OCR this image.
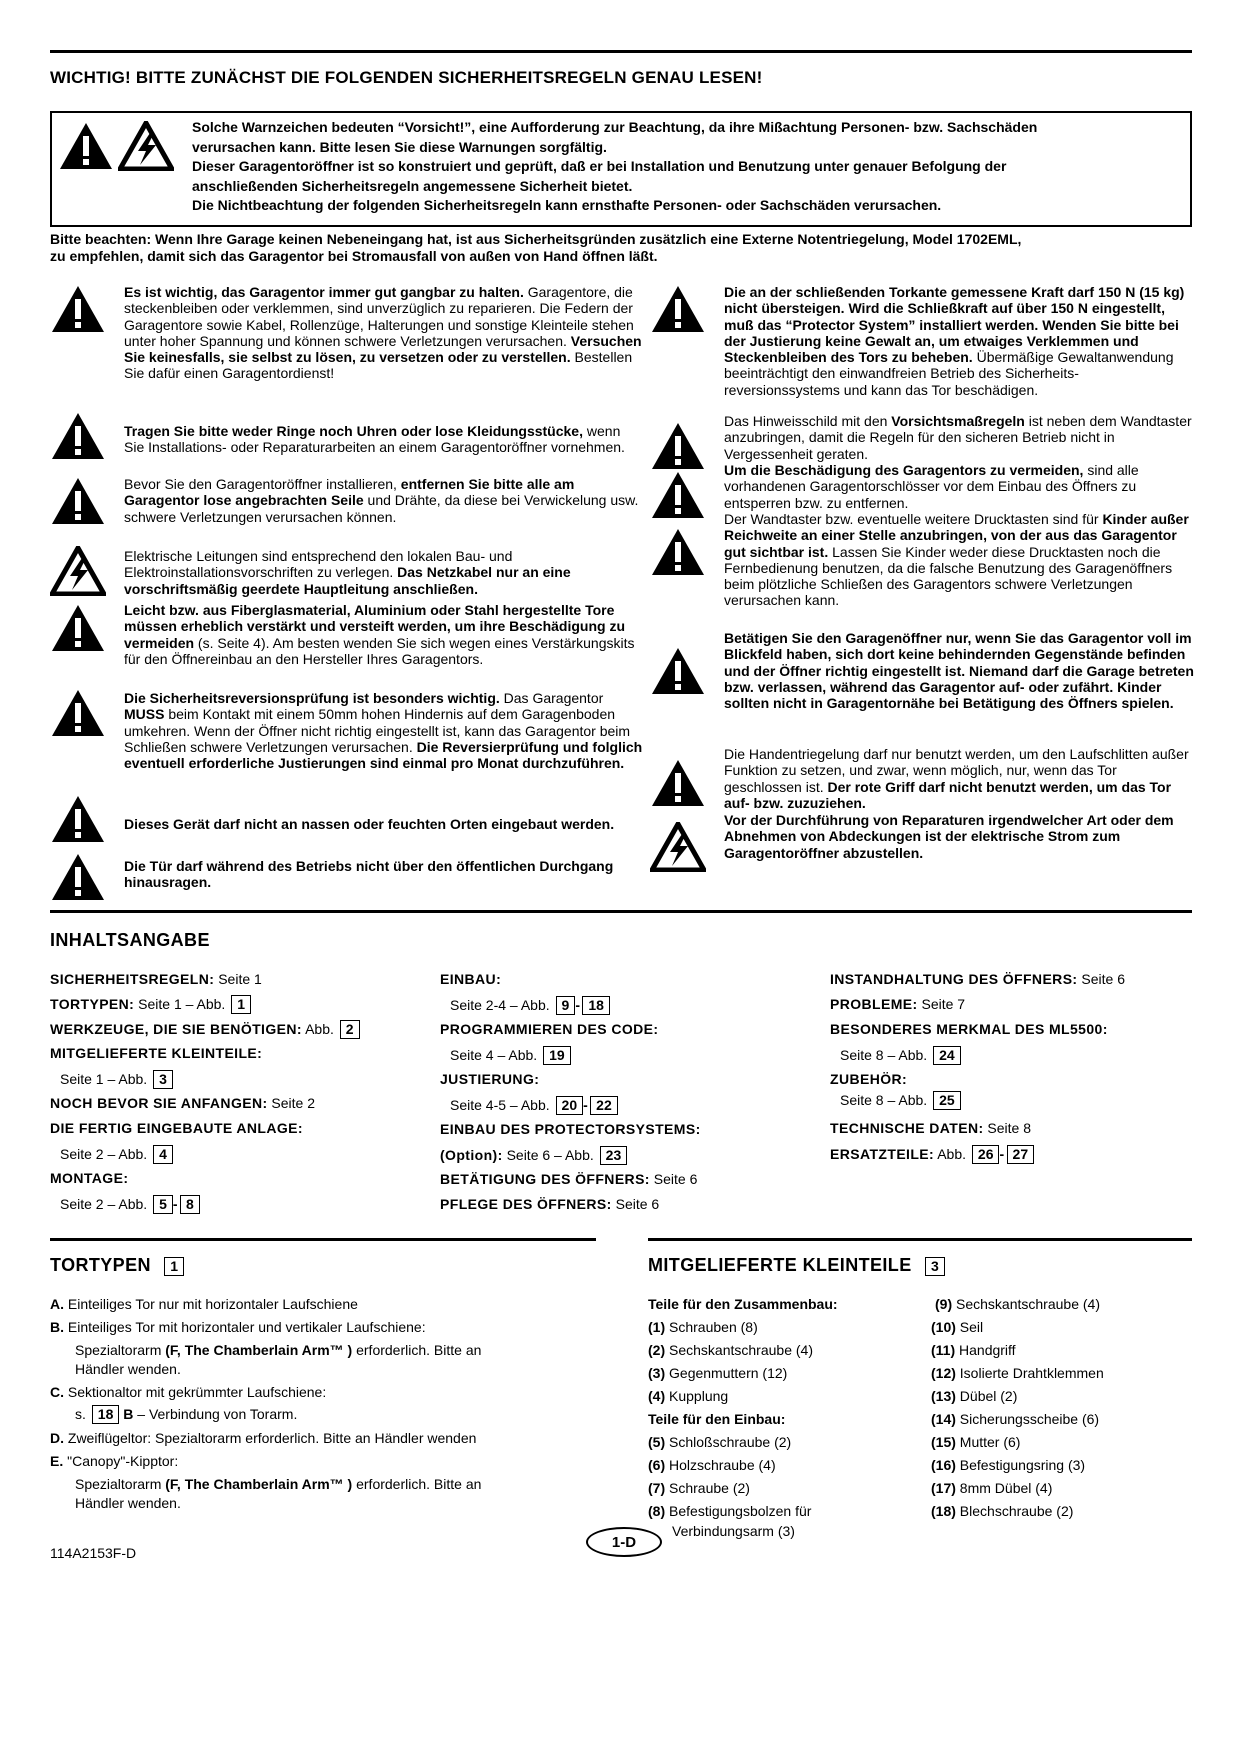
WICHTIG! BITTE ZUNÄCHST DIE FOLGENDEN SICHERHEITSREGELN GENAU LESEN!
Solche Warnzeichen bedeuten “Vorsicht!”, eine Aufforderung zur Beachtung, da ihre Mißachtung Personen- bzw. Sachschäden
verursachen kann. Bitte lesen Sie diese Warnungen sorgfältig.
Dieser Garagentoröffner ist so konstruiert und geprüft, daß er bei Installation und Benutzung unter genauer Befolgung der
anschließenden Sicherheitsregeln angemessene Sicherheit bietet.
Die Nichtbeachtung der folgenden Sicherheitsregeln kann ernsthafte Personen- oder Sachschäden verursachen.
Bitte beachten: Wenn Ihre Garage keinen Nebeneingang hat, ist aus Sicherheitsgründen zusätzlich eine Externe Notentriegelung, Model 1702EML,
zu empfehlen, damit sich das Garagentor bei Stromausfall von außen von Hand öffnen läßt.
Es ist wichtig, das Garagentor immer gut gangbar zu halten. Garagentore, die steckenbleiben oder verklemmen, sind unverzüglich zu reparieren. Die Federn der Garagentore sowie Kabel, Rollenzüge, Halterungen und sonstige Kleinteile stehen unter hoher Spannung und können schwere Verletzungen verursachen. Versuchen Sie keinesfalls, sie selbst zu lösen, zu versetzen oder zu verstellen. Bestellen Sie dafür einen Garagentordienst!
Tragen Sie bitte weder Ringe noch Uhren oder lose Kleidungsstücke, wenn Sie Installations- oder Reparaturarbeiten an einem Garagentoröffner vornehmen.
Bevor Sie den Garagentoröffner installieren, entfernen Sie bitte alle am Garagentor lose angebrachten Seile und Drähte, da diese bei Verwickelung usw. schwere Verletzungen verursachen können.
Elektrische Leitungen sind entsprechend den lokalen Bau- und Elektroinstallationsvorschriften zu verlegen. Das Netzkabel nur an eine vorschriftsmäßig geerdete Hauptleitung anschließen.
Leicht bzw. aus Fiberglasmaterial, Aluminium oder Stahl hergestellte Tore müssen erheblich verstärkt und versteift werden, um ihre Beschädigung zu vermeiden (s. Seite 4). Am besten wenden Sie sich wegen eines Verstärkungskits für den Öffnereinbau an den Hersteller Ihres Garagentors.
Die Sicherheitsreversionsprüfung ist besonders wichtig. Das Garagentor MUSS beim Kontakt mit einem 50mm hohen Hindernis auf dem Garagenboden umkehren. Wenn der Öffner nicht richtig eingestellt ist, kann das Garagentor beim Schließen schwere Verletzungen verursachen. Die Reversierprüfung und folglich eventuell erforderliche Justierungen sind einmal pro Monat durchzuführen.
Dieses Gerät darf nicht an nassen oder feuchten Orten eingebaut werden.
Die Tür darf während des Betriebs nicht über den öffentlichen Durchgang hinausragen.
Die an der schließenden Torkante gemessene Kraft darf 150 N (15 kg) nicht übersteigen. Wird die Schließkraft auf über 150 N eingestellt, muß das “Protector System” installiert werden. Wenden Sie bitte bei der Justierung keine Gewalt an, um etwaiges Verklemmen und Steckenbleiben des Tors zu beheben. Übermäßige Gewaltanwendung beeinträchtigt den einwandfreien Betrieb des Sicherheits-reversionssystems und kann das Tor beschädigen.
Das Hinweisschild mit den Vorsichtsmaßregeln ist neben dem Wandtaster anzubringen, damit die Regeln für den sicheren Betrieb nicht in Vergessenheit geraten.
Um die Beschädigung des Garagentors zu vermeiden, sind alle vorhandenen Garagentorschlösser vor dem Einbau des Öffners zu entsperren bzw. zu entfernen.
Der Wandtaster bzw. eventuelle weitere Drucktasten sind für Kinder außer Reichweite an einer Stelle anzubringen, von der aus das Garagentor gut sichtbar ist. Lassen Sie Kinder weder diese Drucktasten noch die Fernbedienung benutzen, da die falsche Benutzung des Garagenöffners beim plötzliche Schließen des Garagentors schwere Verletzungen verursachen kann.
Betätigen Sie den Garagenöffner nur, wenn Sie das Garagentor voll im Blickfeld haben, sich dort keine behindernden Gegenstände befinden und der Öffner richtig eingestellt ist. Niemand darf die Garage betreten bzw. verlassen, während das Garagentor auf- oder zufährt. Kinder sollten nicht in Garagentornähe bei Betätigung des Öffners spielen.
Die Handentriegelung darf nur benutzt werden, um den Laufschlitten außer Funktion zu setzen, und zwar, wenn möglich, nur, wenn das Tor geschlossen ist. Der rote Griff darf nicht benutzt werden, um das Tor auf- bzw. zuzuziehen.
Vor der Durchführung von Reparaturen irgendwelcher Art oder dem Abnehmen von Abdeckungen ist der elektrische Strom zum Garagentoröffner abzustellen.
INHALTSANGABE
SICHERHEITSREGELN: Seite 1
TORTYPEN: Seite 1 – Abb. 1
WERKZEUGE, DIE SIE BENÖTIGEN: Abb. 2
MITGELIEFERTE KLEINTEILE:
Seite 1 – Abb. 3
NOCH BEVOR SIE ANFANGEN: Seite 2
DIE FERTIG EINGEBAUTE ANLAGE:
Seite 2 – Abb. 4
MONTAGE:
Seite 2 – Abb. 5 - 8
EINBAU:
Seite 2-4 – Abb. 9 - 18
PROGRAMMIEREN DES CODE:
Seite 4 – Abb. 19
JUSTIERUNG:
Seite 4-5 – Abb. 20 - 22
EINBAU DES PROTECTORSYSTEMS:
(Option): Seite 6 – Abb. 23
BETÄTIGUNG DES ÖFFNERS: Seite 6
PFLEGE DES ÖFFNERS: Seite 6
INSTANDHALTUNG DES ÖFFNERS: Seite 6
PROBLEME: Seite 7
BESONDERES MERKMAL DES ML5500:
Seite 8 – Abb. 24
ZUBEHÖR:
Seite 8 – Abb. 25
TECHNISCHE DATEN: Seite 8
ERSATZTEILE: Abb. 26 - 27
TORTYPEN 1
A. Einteiliges Tor nur mit horizontaler Laufschiene
B. Einteiliges Tor mit horizontaler und vertikaler Laufschiene:
Spezialtorarm (F, The Chamberlain Arm™ ) erforderlich. Bitte an
Händler wenden.
C. Sektionaltor mit gekrümmter Laufschiene:
s. 18 B – Verbindung von Torarm.
D. Zweiflügeltor: Spezialtorarm erforderlich. Bitte an Händler wenden
E. "Canopy"-Kipptor:
Spezialtorarm (F, The Chamberlain Arm™ ) erforderlich. Bitte an
Händler wenden.
MITGELIEFERTE KLEINTEILE 3
Teile für den Zusammenbau:
(1) Schrauben (8)
(2) Sechskantschraube (4)
(3) Gegenmuttern (12)
(4) Kupplung
Teile für den Einbau:
(5) Schloßschraube (2)
(6) Holzschraube (4)
(7) Schraube (2)
(8) Befestigungsbolzen für
Verbindungsarm (3)
(9) Sechskantschraube (4)
(10) Seil
(11) Handgriff
(12) Isolierte Drahtklemmen
(13) Dübel (2)
(14) Sicherungsscheibe (6)
(15) Mutter (6)
(16) Befestigungsring (3)
(17) 8mm Dübel (4)
(18) Blechschraube (2)
114A2153F-D
1-D
